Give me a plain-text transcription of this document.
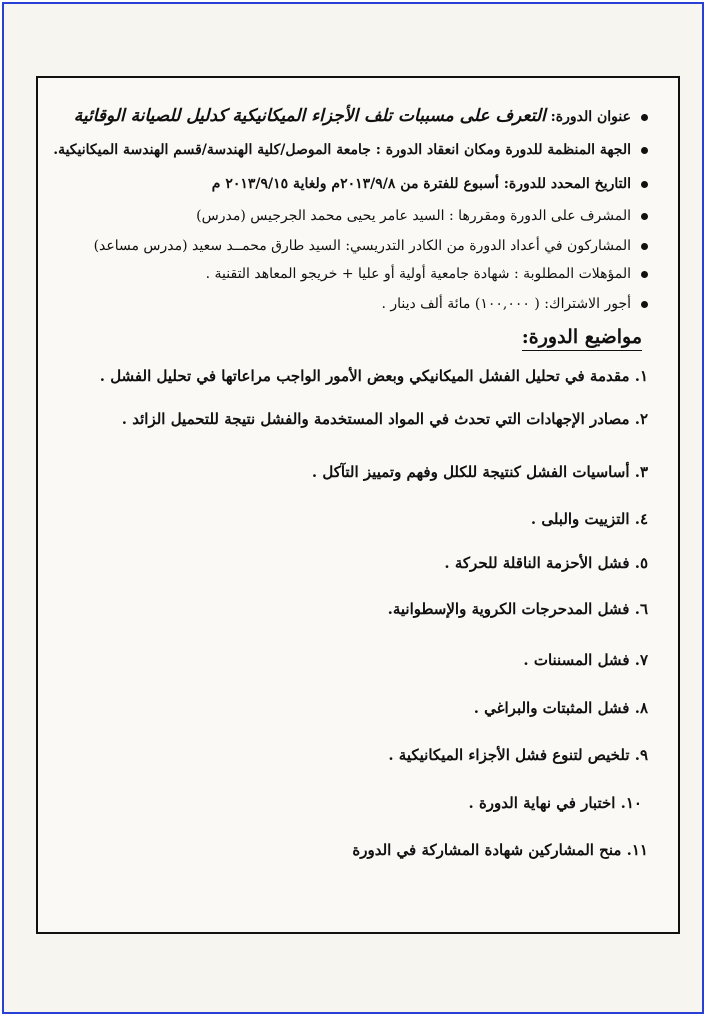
عنوان الدورة: التعرف على مسببات تلف الأجزاء الميكانيكية كدليل للصيانة الوقائية
الجهة المنظمة للدورة ومكان انعقاد الدورة : جامعة الموصل/كلية الهندسة/قسم الهندسة الميكانيكية.
التاريخ المحدد للدورة: أسبوع للفترة من ٢٠١٣/٩/٨م ولغاية ٢٠١٣/٩/١٥ م
المشرف على الدورة ومقررها : السيد عامر يحيى محمد الجرجيس (مدرس)
المشاركون في أعداد الدورة من الكادر التدريسي: السيد طارق محمــد سعيد (مدرس مساعد)
المؤهلات المطلوبة : شهادة جامعية أولية أو عليا + خريجو المعاهد التقنية .
أجور الاشتراك: ( ١٠٠,٠٠٠) مائة ألف دينار .
مواضيع الدورة:
١. مقدمة في تحليل الفشل الميكانيكي وبعض الأمور الواجب مراعاتها في تحليل الفشل .
٢. مصادر الإجهادات التي تحدث في المواد المستخدمة والفشل نتيجة للتحميل الزائد .
٣. أساسيات الفشل كنتيجة للكلل وفهم وتمييز التآكل .
٤. التزييت والبلى .
٥. فشل الأحزمة الناقلة للحركة .
٦. فشل المدحرجات الكروية والإسطوانية.
٧. فشل المسننات .
٨. فشل المثبتات والبراغي .
٩. تلخيص لتنوع فشل الأجزاء الميكانيكية .
١٠. اختبار في نهاية الدورة .
١١. منح المشاركين شهادة المشاركة في الدورة
